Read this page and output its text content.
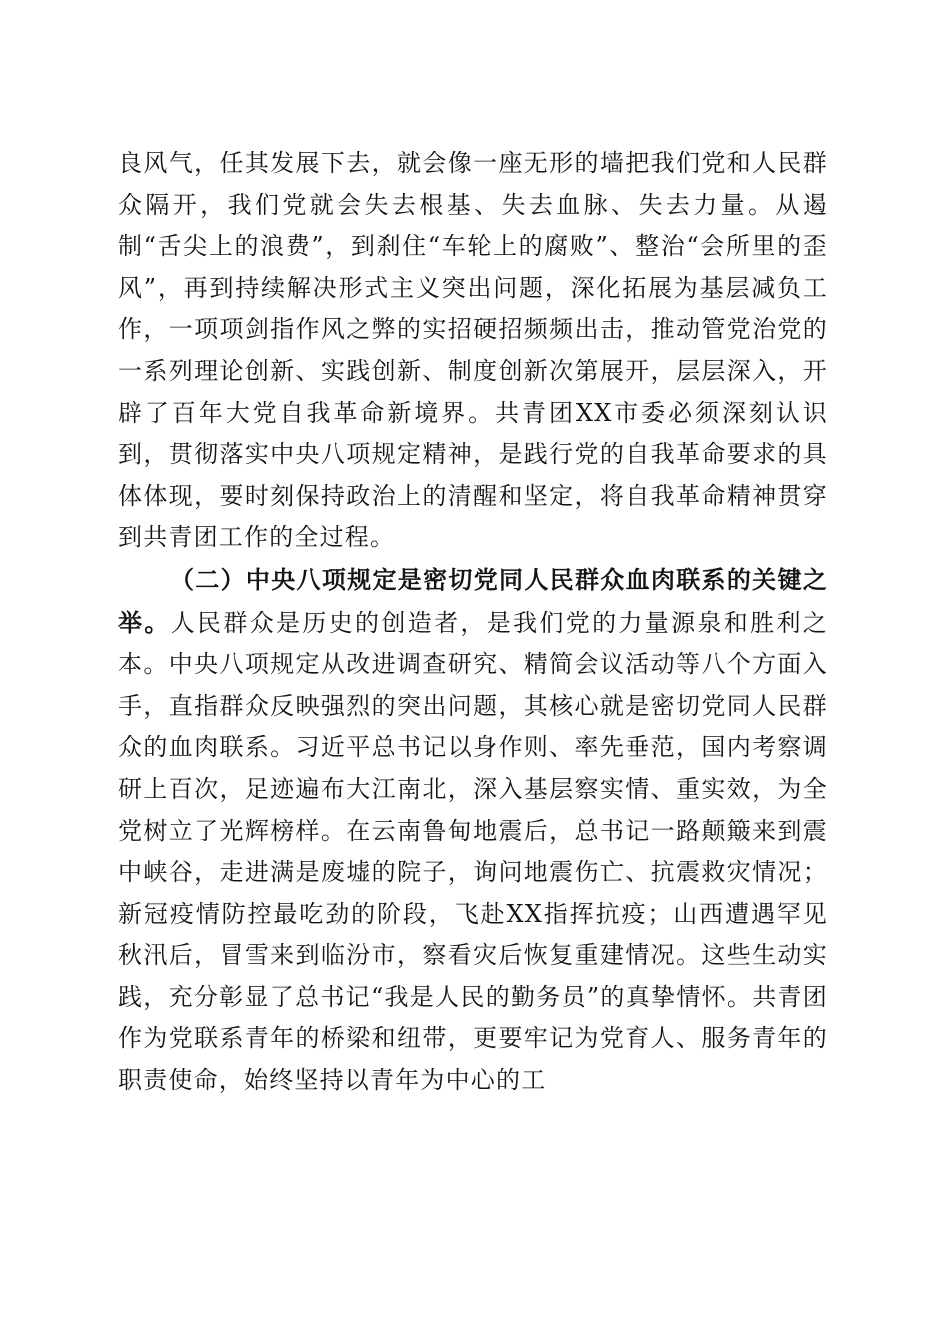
良风气，任其发展下去，就会像一座无形的墙把我们党和人民群众隔开，我们党就会失去根基、失去血脉、失去力量。从遏制“舌尖上的浪费”，到刹住“车轮上的腐败”、整治“会所里的歪风”，再到持续解决形式主义突出问题，深化拓展为基层减负工作，一项项剑指作风之弊的实招硬招频频出击，推动管党治党的一系列理论创新、实践创新、制度创新次第展开，层层深入，开辟了百年大党自我革命新境界。共青团XX市委必须深刻认识到，贯彻落实中央八项规定精神，是践行党的自我革命要求的具体体现，要时刻保持政治上的清醒和坚定，将自我革命精神贯穿到共青团工作的全过程。

（二）中央八项规定是密切党同人民群众血肉联系的关键之举。人民群众是历史的创造者，是我们党的力量源泉和胜利之本。中央八项规定从改进调查研究、精简会议活动等八个方面入手，直指群众反映强烈的突出问题，其核心就是密切党同人民群众的血肉联系。习近平总书记以身作则、率先垂范，国内考察调研上百次，足迹遍布大江南北，深入基层察实情、重实效，为全党树立了光辉榜样。在云南鲁甸地震后，总书记一路颠簸来到震中峡谷，走进满是废墟的院子，询问地震伤亡、抗震救灾情况；新冠疫情防控最吃劲的阶段，飞赴XX指挥抗疫；山西遭遇罕见秋汛后，冒雪来到临汾市，察看灾后恢复重建情况。这些生动实践，充分彰显了总书记“我是人民的勤务员”的真挚情怀。共青团作为党联系青年的桥梁和纽带，更要牢记为党育人、服务青年的职责使命，始终坚持以青年为中心的工
